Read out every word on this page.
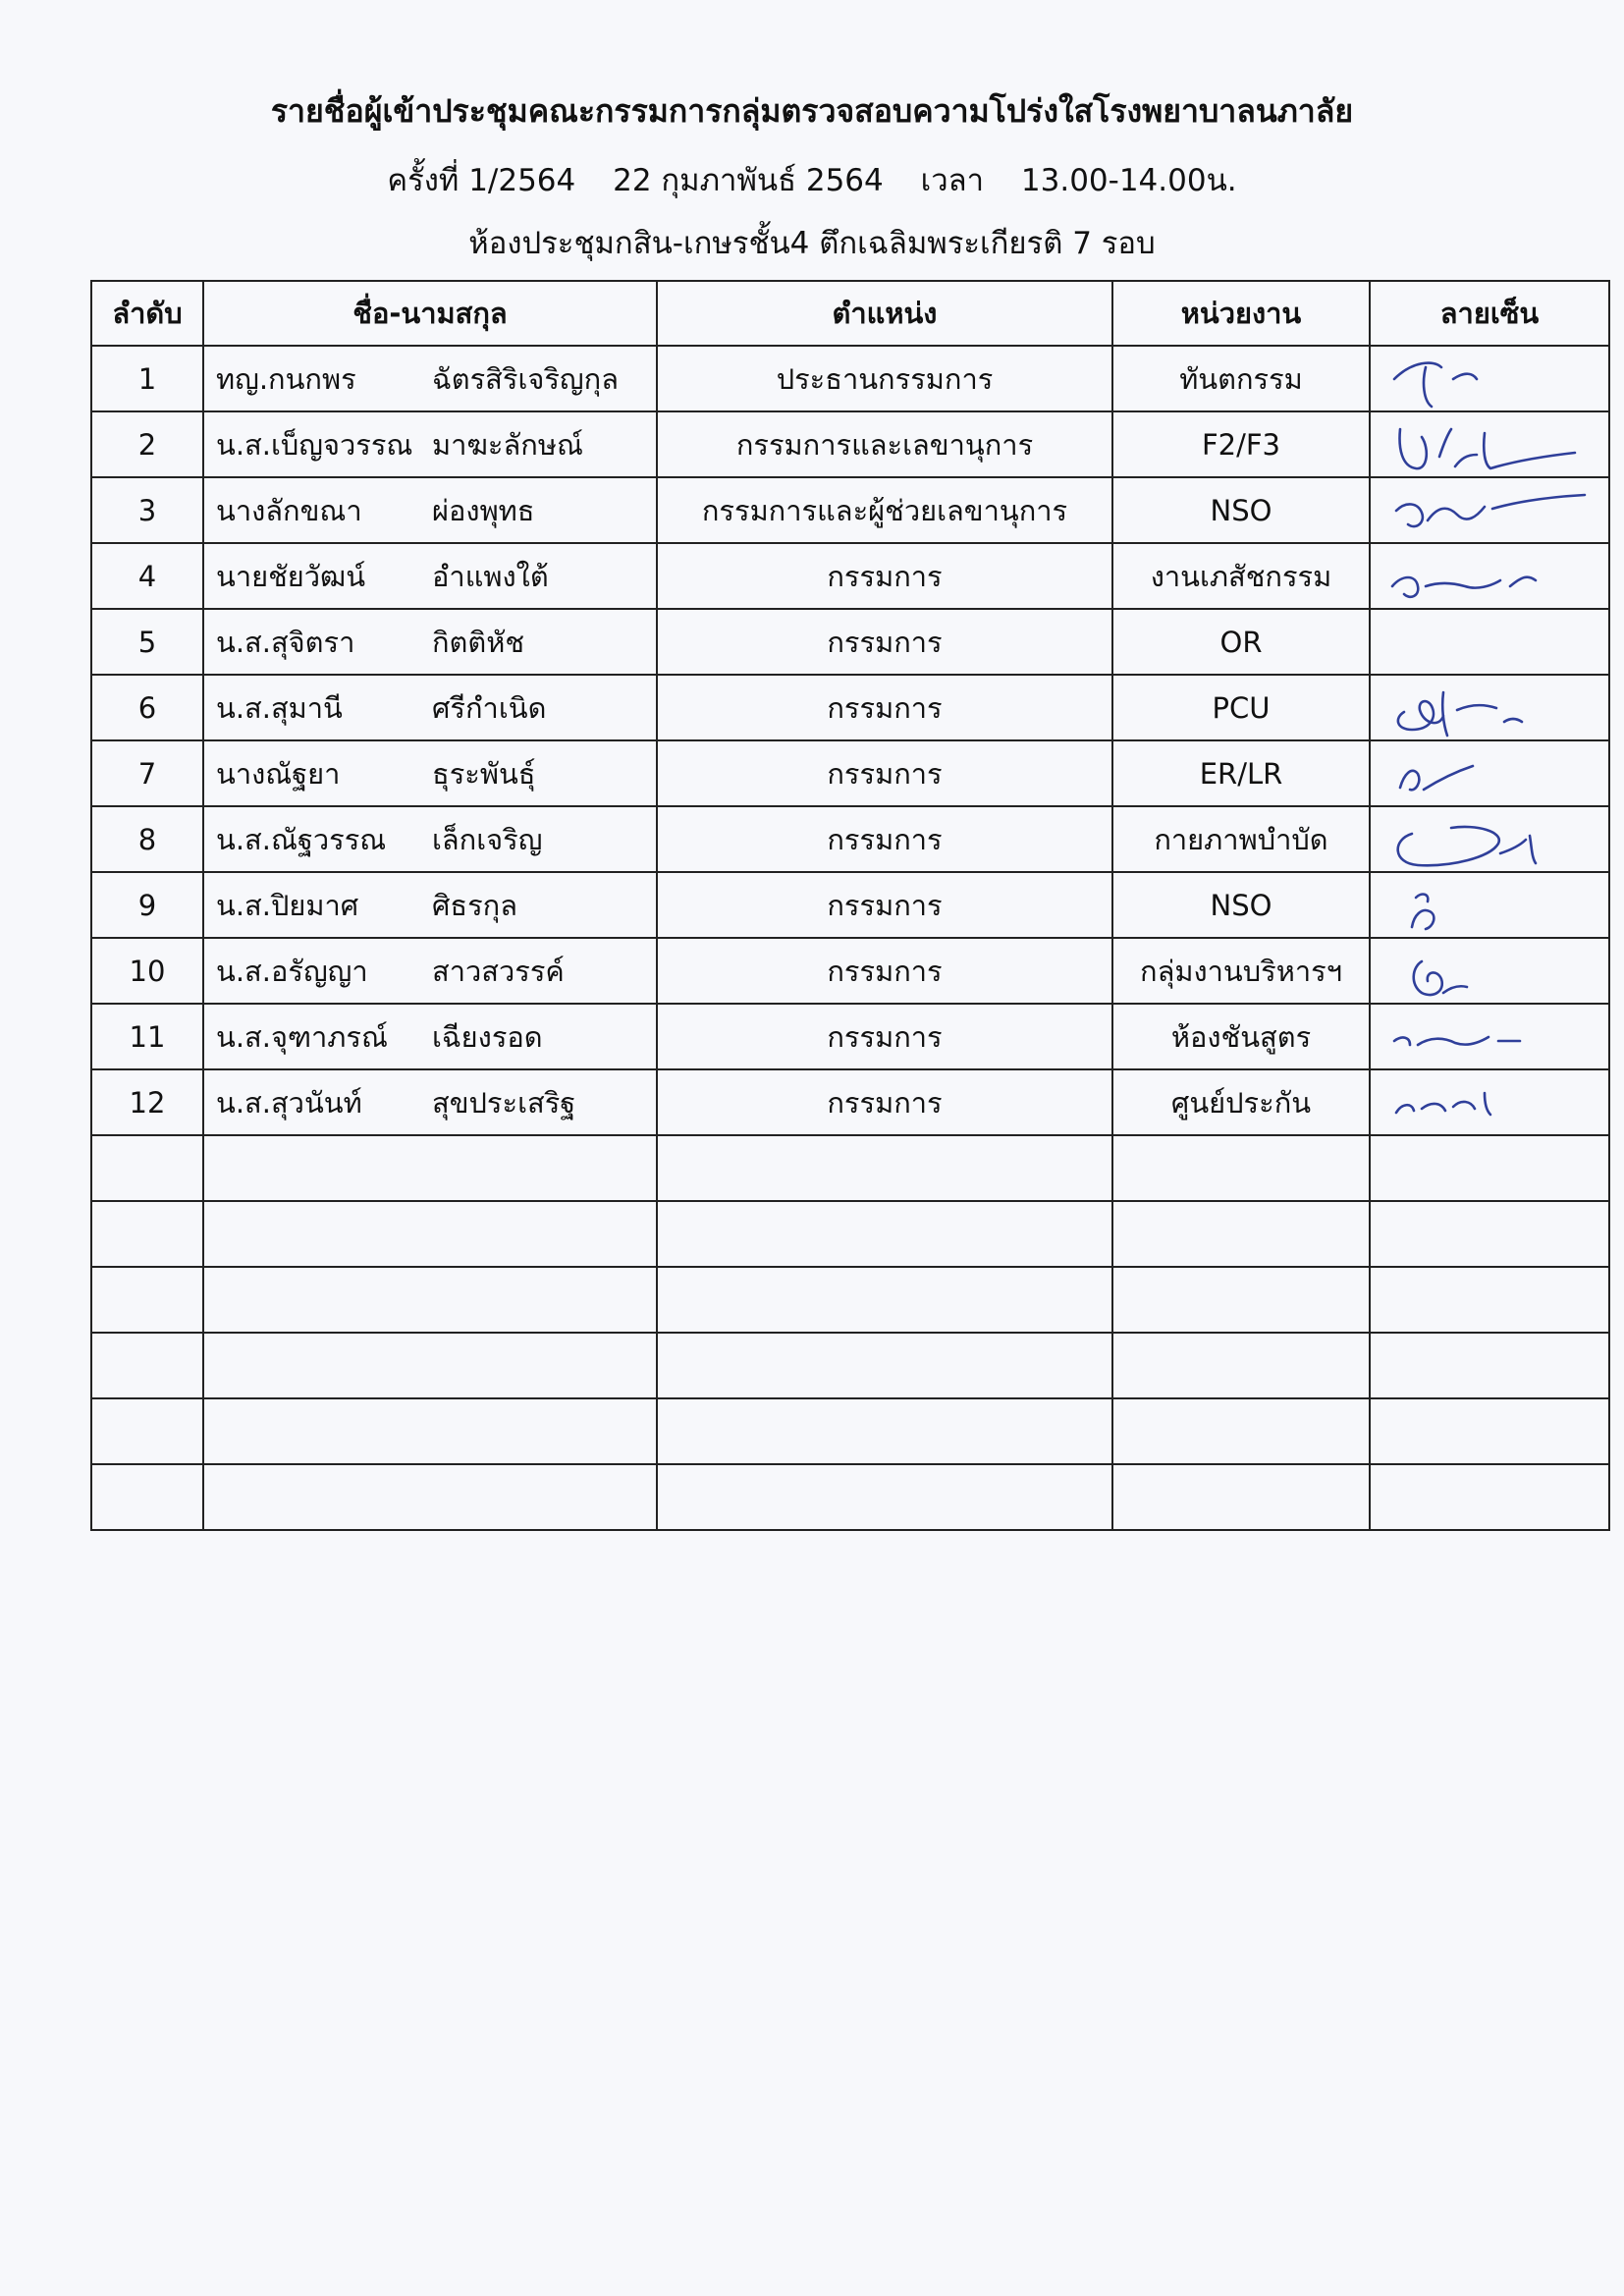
รายชื่อผู้เข้าประชุมคณะกรรมการกลุ่มตรวจสอบความโปร่งใสโรงพยาบาลนภาลัย
ครั้งที่ 1/2564 22 กุมภาพันธ์ 2564 เวลา 13.00-14.00น.
ห้องประชุมกสิน-เกษรชั้น4 ตึกเฉลิมพระเกียรติ 7 รอบ
ลำดับ	ชื่อ-นามสกุล	ตำแหน่ง	หน่วยงาน	ลายเซ็น
1	ทญ.กนกพร ฉัตรสิริเจริญกุล	ประธานกรรมการ	ทันตกรรม	

2	น.ส.เบ็ญจวรรณ มาฆะลักษณ์	กรรมการและเลขานุการ	F2/F3	

3	นางลักขณา ผ่องพุทธ	กรรมการและผู้ช่วยเลขานุการ	NSO	

4	นายชัยวัฒน์ อำแพงใต้	กรรมการ	งานเภสัชกรรม	

5	น.ส.สุจิตรา กิตติหัช	กรรมการ	OR	
6	น.ส.สุมานี ศรีกำเนิด	กรรมการ	PCU	

7	นางณัฐยา ธุระพันธุ์	กรรมการ	ER/LR	

8	น.ส.ณัฐวรรณ เล็กเจริญ	กรรมการ	กายภาพบำบัด	

9	น.ส.ปิยมาศ ศิธรกุล	กรรมการ	NSO	

10	น.ส.อรัญญา สาวสวรรค์	กรรมการ	กลุ่มงานบริหารฯ	

11	น.ส.จุฑาภรณ์ เฉียงรอด	กรรมการ	ห้องชันสูตร	

12	น.ส.สุวนันท์ สุขประเสริฐ	กรรมการ	ศูนย์ประกัน	
